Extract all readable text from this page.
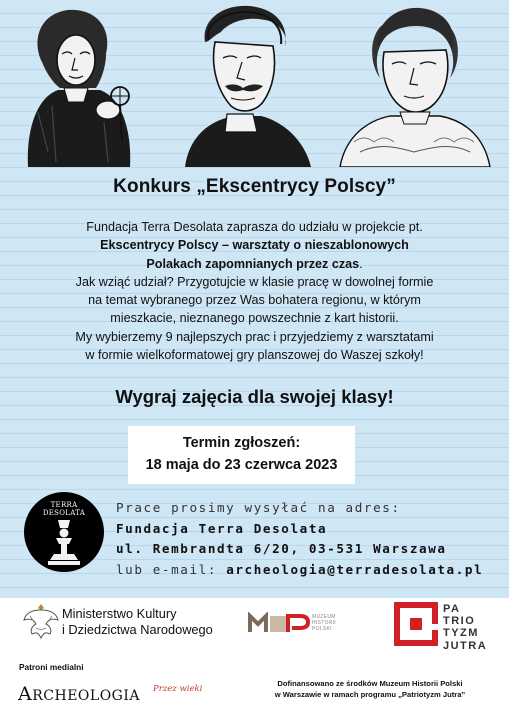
Konkurs „Ekscentrycy Polscy”

Fundacja Terra Desolata zaprasza do udziału w projekcie pt.

Ekscentrycy Polscy – warsztaty o nieszablonowych

Polakach zapomnianych przez czas.

Jak wziąć udział? Przygotujcie w klasie pracę w dowolnej formie

na temat wybranego przez Was bohatera regionu, w którym

mieszkacie, nieznanego powszechnie z kart historii.

My wybierzemy 9 najlepszych prac i przyjedziemy z warsztatami

w formie wielkoformatowej gry planszowej do Waszej szkoły!

Wygraj zajęcia dla swojej klasy!
Termin zgłoszeń:
18 maja do 23 czerwca 2023
TERRA
DESOLATA	Prace prosimy wysyłać na adres:
Fundacja Terra Desolata
ul. Rembrandta 6/20, 03-531 Warszawa
lub e-mail: archeologia@terradesolata.pl
Ministerstwo Kultury
i Dziedzictwa Narodowego
MUZEUM
HISTORII
POLSKI
PA
TRIO
TYZM
JUTRA
Patroni medialni
ARCHEOLOGIA Przez wieki
Dofinansowano ze środków Muzeum Historii Polski
w Warszawie w ramach programu „Patriotyzm Jutra”
